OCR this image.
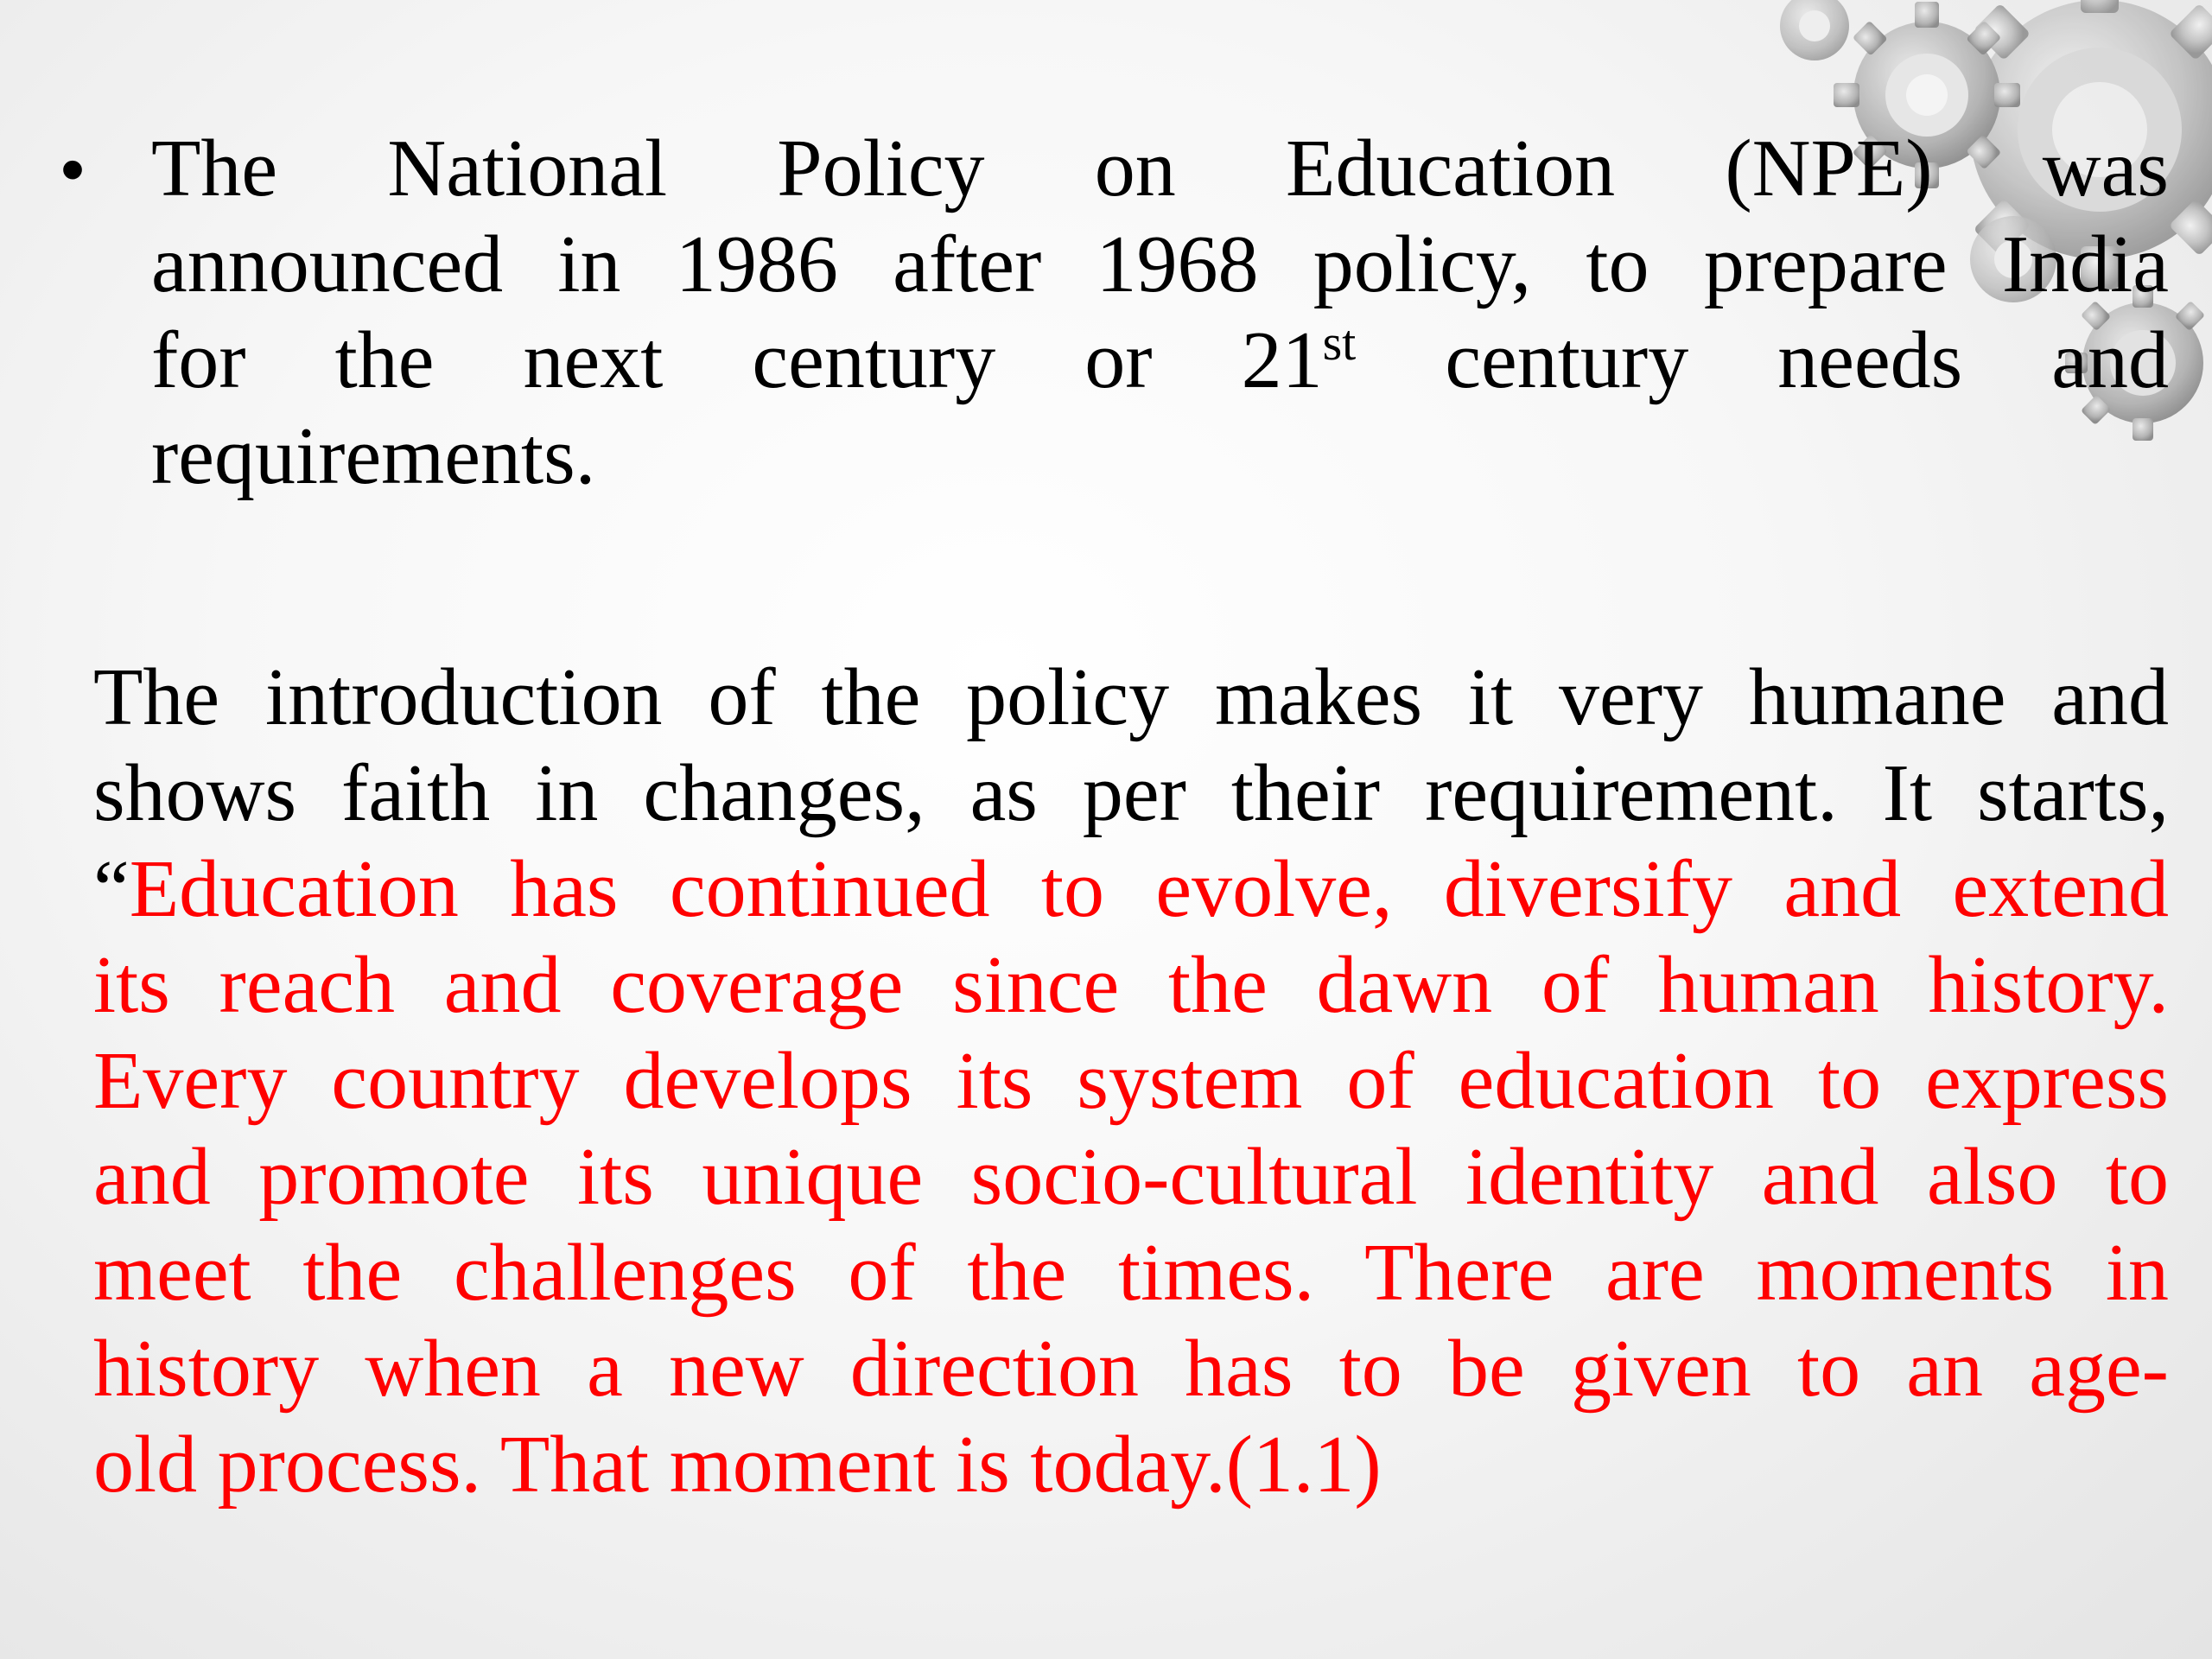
• The National Policy on Education (NPE) was
announced in 1986 after 1968 policy, to prepare India
for the next century or 21st century needs and
requirements.
The introduction of the policy makes it very humane and
shows faith in changes, as per their requirement. It starts,
“Education has continued to evolve, diversify and extend
its reach and coverage since the dawn of human history.
Every country develops its system of education to express
and promote its unique socio-cultural identity and also to
meet the challenges of the times. There are moments in
history when a new direction has to be given to an age-
old process. That moment is today.(1.1)
